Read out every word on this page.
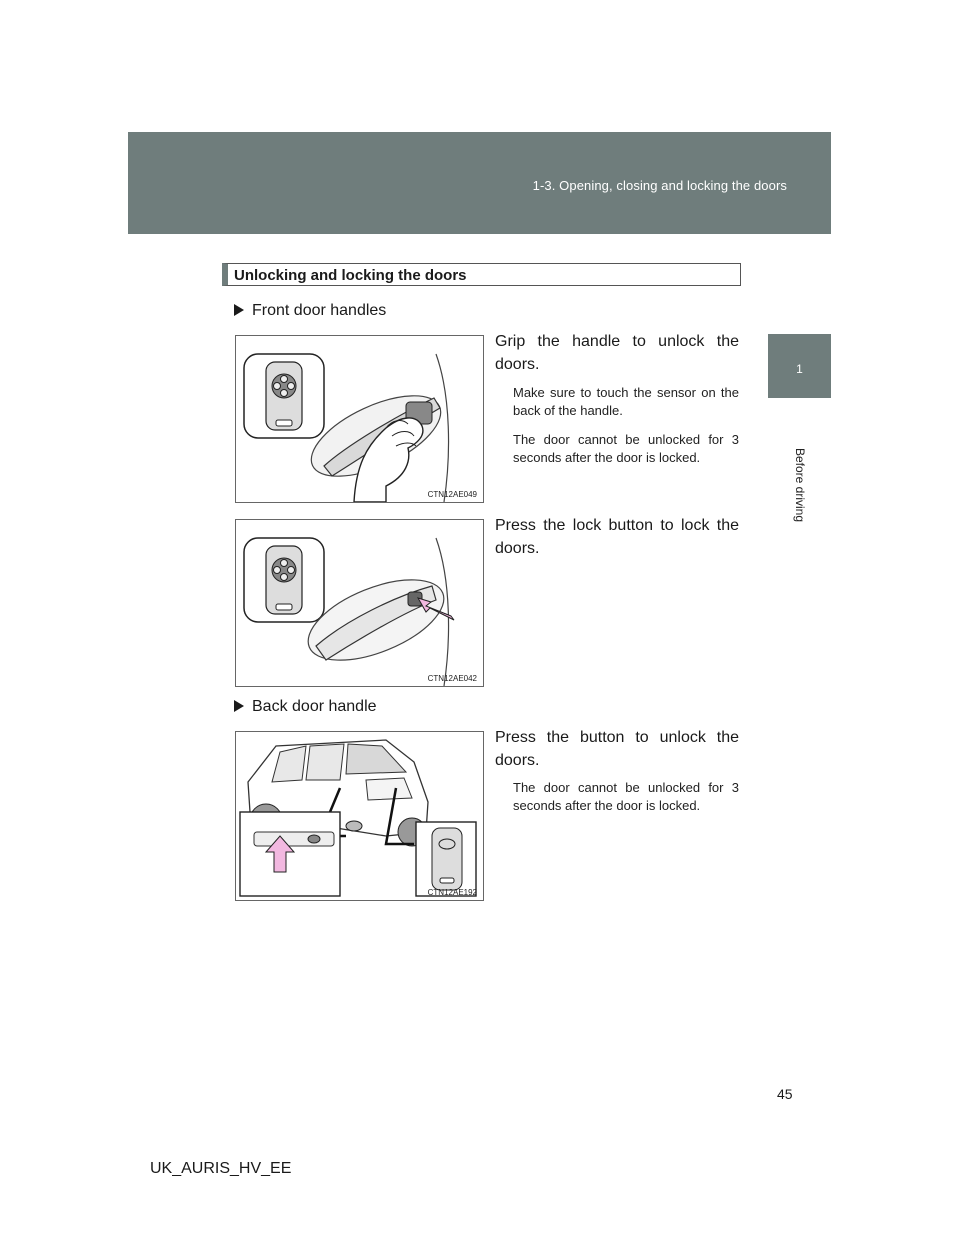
1-3. Opening, closing and locking the doors
1
Before driving
Unlocking and locking the doors
Front door handles
CTN12AE049
Grip the handle to unlock the doors.
Make sure to touch the sensor on the back of the handle.
The door cannot be unlocked for 3 seconds after the door is locked.
CTN12AE042
Press the lock button to lock the doors.
Back door handle
CTN12AE192
Press the button to unlock the doors.
The door cannot be unlocked for 3 seconds after the door is locked.
45
UK_AURIS_HV_EE
